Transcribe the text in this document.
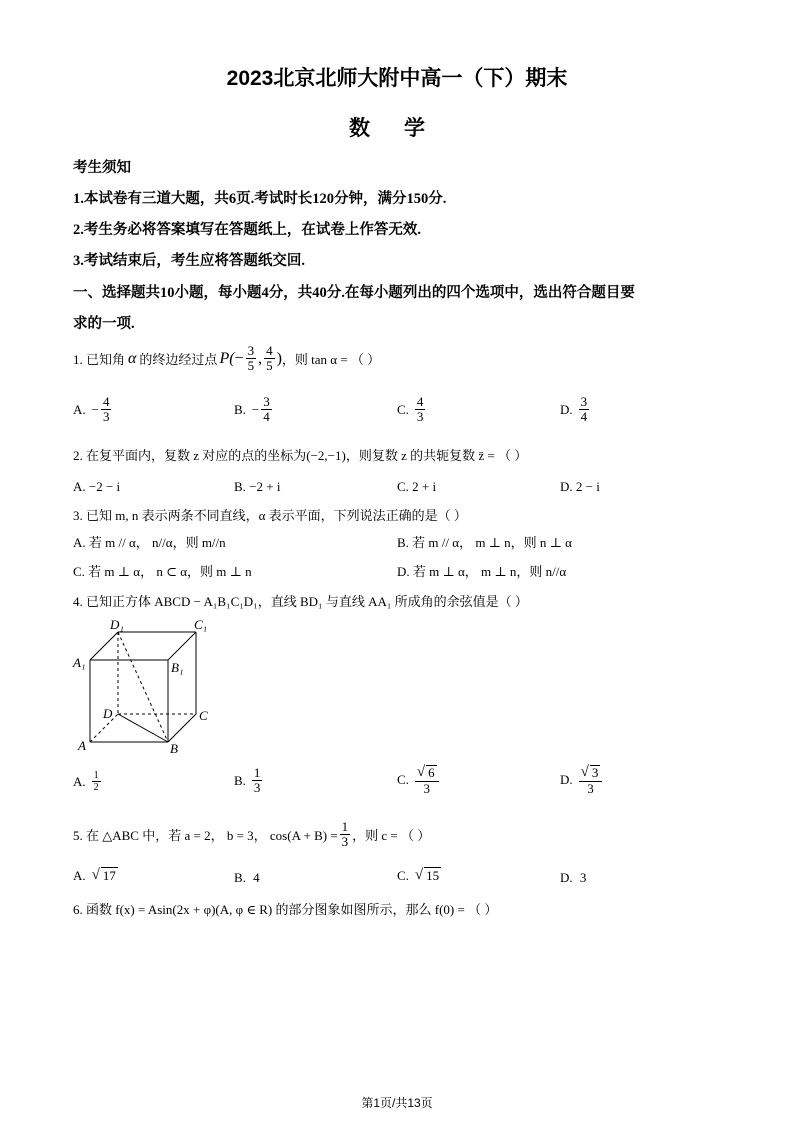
2023北京北师大附中高一（下）期末
数学
考生须知
1.本试卷有三道大题，共6页.考试时长120分钟，满分150分.
2.考生务必将答案填写在答题纸上，在试卷上作答无效.
3.考试结束后，考生应将答题纸交回.
一、选择题共10小题，每小题4分，共40分.在每小题列出的四个选项中，选出符合题目要
求的一项.
1. 已知角 α 的终边经过点 $P( - \frac{3}{5}$ , $\frac{4}{5}$ ) ，则 tan α = （ ）
A. − $\frac{4}{3}$	B. − $\frac{3}{4}$	C. $\frac{4}{3}$	D. $\frac{3}{4}$
2. 在复平面内，复数 z 对应的点的坐标为(−2,−1)，则复数 z 的共轭复数 z̄ = （ ）
A. −2 − i	B. −2 + i	C. 2 + i	D. 2 − i
3. 已知 m, n 表示两条不同直线，α 表示平面，下列说法正确的是（ ）
A. 若 m // α， n//α，则 m//n	B. 若 m // α， m ⊥ n，则 n ⊥ α
C. 若 m ⊥ α， n ⊂ α，则 m ⊥ n	D. 若 m ⊥ α， m ⊥ n，则 n//α
4. 已知正方体 ABCD − A₁B₁C₁D₁，直线 BD₁ 与直线 AA₁ 所成角的余弦值是（ ）
D₁	C₁
A₁	B₁
D	C
A	B
A. $\frac{1}{2}$	B. $\frac{1}{3}$	C. $\frac{√ 6}{3}$	D. $\frac{√ 3}{3}$
5. 在 △ABC 中，若 a = 2， b = 3， $\cos(A + B) = \frac{1}{3}$ ，则 c = （ ）
A. √ 17	B. 4	C. √ 15	D. 3
6. 函数 f(x) = Asin(2x + φ)(A, φ ∈ R) 的部分图象如图所示，那么 f(0) = （ ）
第1页/共13页
